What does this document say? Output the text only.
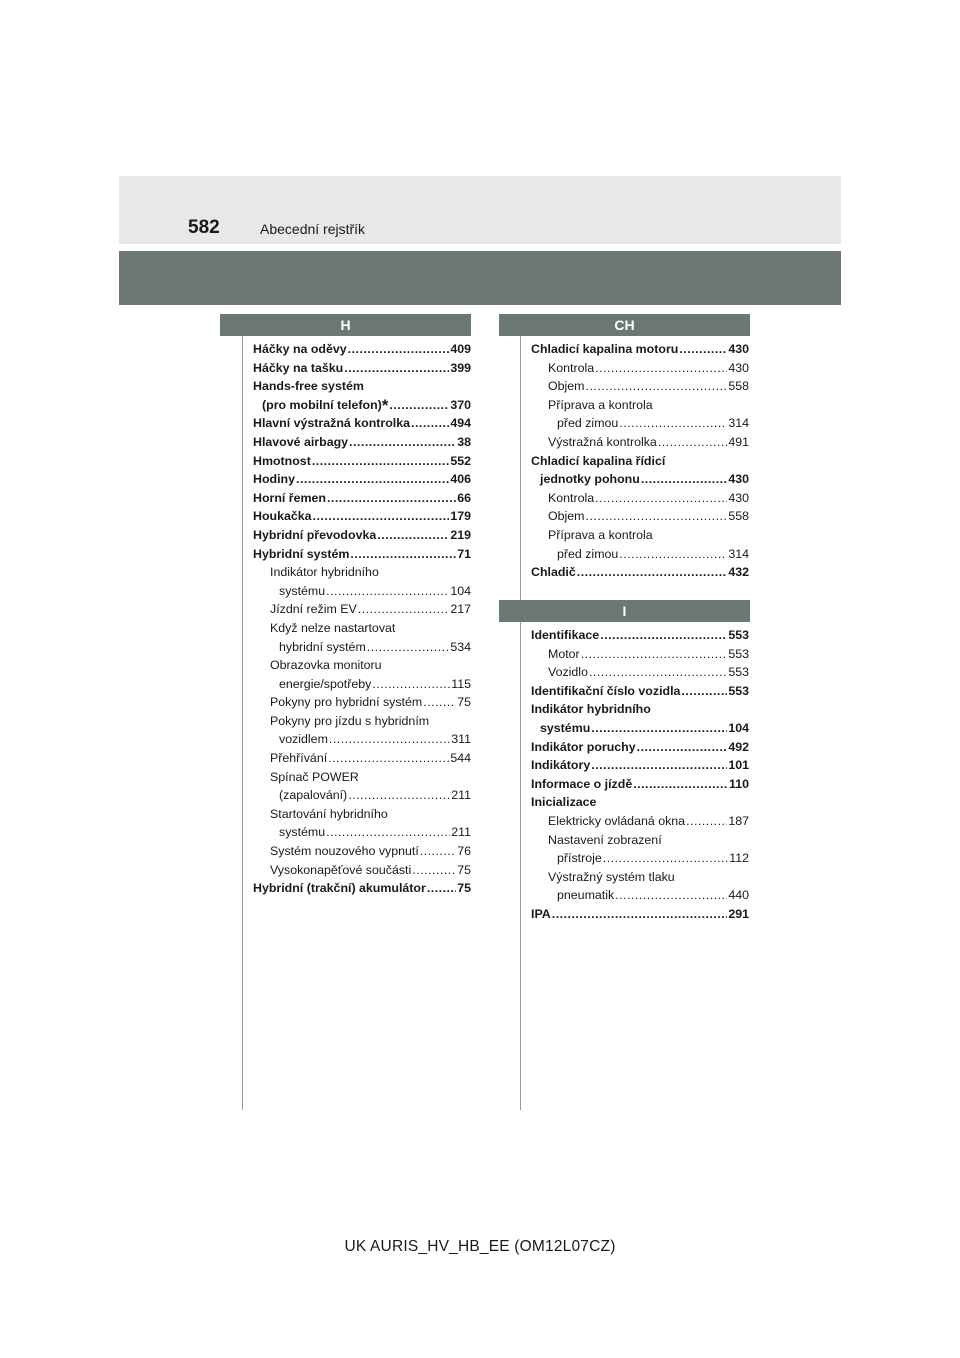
582	Abecední rejstřík
H	CH
I
Háčky na oděvy .....	409
Háčky na tašku .....	399
Hands-free systém
(pro mobilní telefon) * .....	370
Hlavní výstražná kontrolka .....	494
Hlavové airbagy .....	38
Hmotnost .....	552
Hodiny .....	406
Horní řemen .....	66
Houkačka .....	179
Hybridní převodovka .....	219
Hybridní systém .....	71
Indikátor hybridního
systému .....	104
Jízdní režim EV .....	217
Když nelze nastartovat
hybridní systém .....	534
Obrazovka monitoru
energie/spotřeby .....	115
Pokyny pro hybridní systém .....	75
Pokyny pro jízdu s hybridním
vozidlem .....	311
Přehřívání .....	544
Spínač POWER
(zapalování) .....	211
Startování hybridního
systému .....	211
Systém nouzového vypnutí .....	76
Vysokonapěťové součásti .....	75
Hybridní (trakční) akumulátor .....	75
Chladicí kapalina motoru .....	430
Kontrola .....	430
Objem .....	558
Příprava a kontrola
před zimou .....	314
Výstražná kontrolka .....	491
Chladicí kapalina řídicí
jednotky pohonu .....	430
Kontrola .....	430
Objem .....	558
Příprava a kontrola
před zimou .....	314
Chladič .....	432
Identifikace .....	553
Motor .....	553
Vozidlo .....	553
Identifikační číslo vozidla .....	553
Indikátor hybridního
systému .....	104
Indikátor poruchy .....	492
Indikátory .....	101
Informace o jízdě .....	110
Inicializace
Elektricky ovládaná okna .....	187
Nastavení zobrazení
přístroje .....	112
Výstražný systém tlaku
pneumatik .....	440
IPA .....	291
UK AURIS_HV_HB_EE (OM12L07CZ)
